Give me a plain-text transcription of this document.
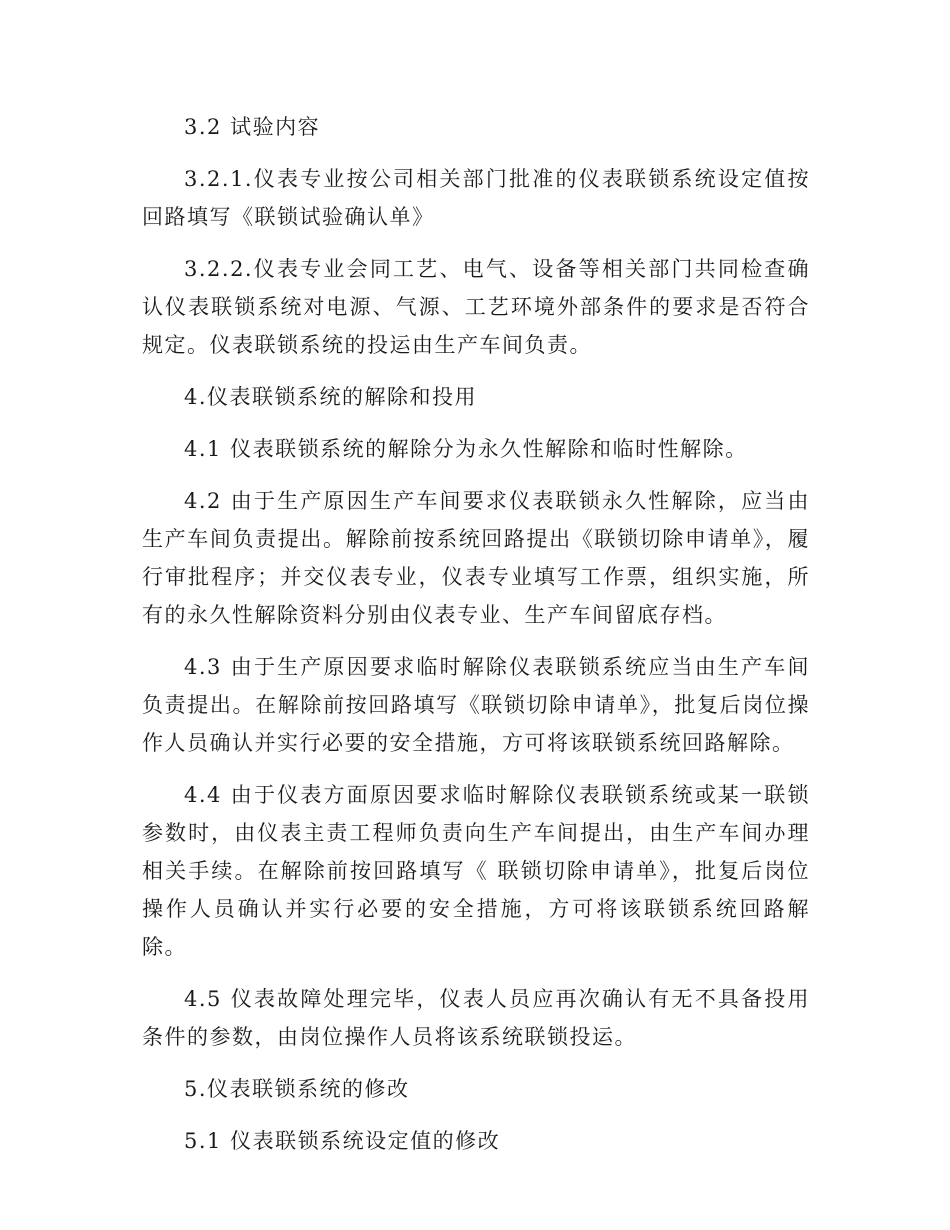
3.2 试验内容

3.2.1.仪表专业按公司相关部门批准的仪表联锁系统设定值按回路填写《联锁试验确认单》

3.2.2.仪表专业会同工艺、电气、设备等相关部门共同检查确认仪表联锁系统对电源、气源、工艺环境外部条件的要求是否符合规定。仪表联锁系统的投运由生产车间负责。

4.仪表联锁系统的解除和投用

4.1 仪表联锁系统的解除分为永久性解除和临时性解除。

4.2 由于生产原因生产车间要求仪表联锁永久性解除，应当由生产车间负责提出。解除前按系统回路提出《联锁切除申请单》，履行审批程序；并交仪表专业，仪表专业填写工作票，组织实施，所有的永久性解除资料分别由仪表专业、生产车间留底存档。

4.3 由于生产原因要求临时解除仪表联锁系统应当由生产车间负责提出。在解除前按回路填写《联锁切除申请单》，批复后岗位操作人员确认并实行必要的安全措施，方可将该联锁系统回路解除。

4.4 由于仪表方面原因要求临时解除仪表联锁系统或某一联锁参数时，由仪表主责工程师负责向生产车间提出，由生产车间办理相关手续。在解除前按回路填写《 联锁切除申请单》，批复后岗位操作人员确认并实行必要的安全措施，方可将该联锁系统回路解除。

4.5 仪表故障处理完毕，仪表人员应再次确认有无不具备投用条件的参数，由岗位操作人员将该系统联锁投运。

5.仪表联锁系统的修改

5.1 仪表联锁系统设定值的修改
